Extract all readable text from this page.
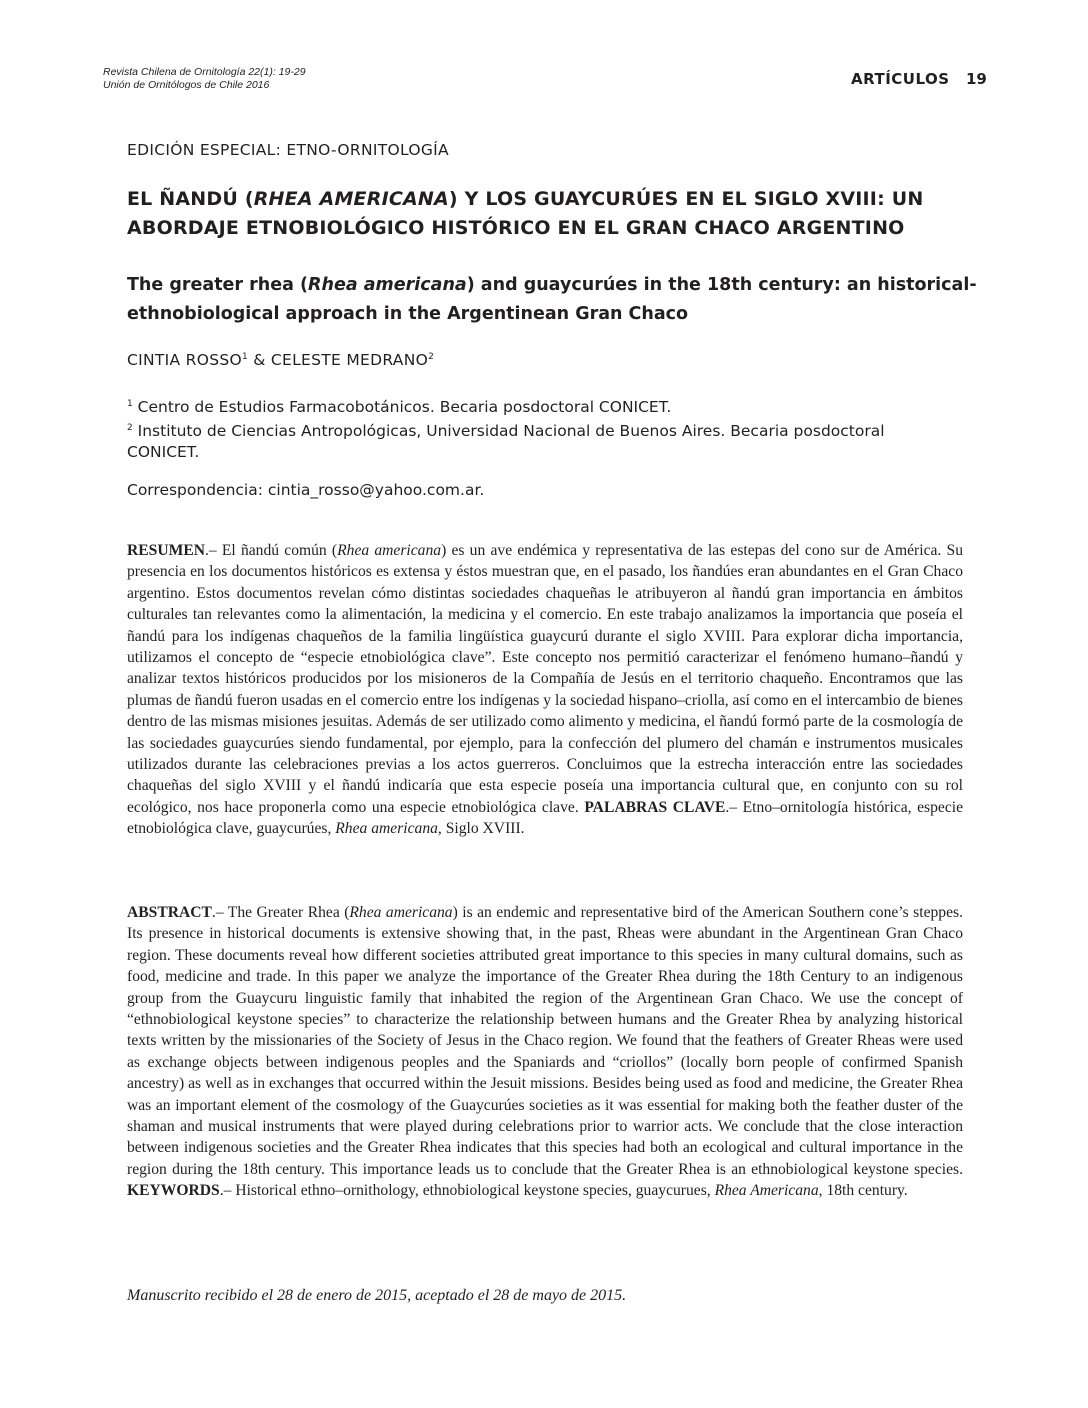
Revista Chilena de Ornitología 22(1): 19-29
Unión de Ornitólogos de Chile 2016	ARTÍCULOS 19
EDICIÓN ESPECIAL: ETNO-ORNITOLOGÍA
EL ÑANDÚ (RHEA AMERICANA) Y LOS GUAYCURÚES EN EL SIGLO XVIII: UN ABORDAJE ETNOBIOLÓGICO HISTÓRICO EN EL GRAN CHACO ARGENTINO
The greater rhea (Rhea americana) and guaycurúes in the 18th century: an historical- ethnobiological approach in the Argentinean Gran Chaco
CINTIA ROSSO$^1$ & CELESTE MEDRANO$^2$
$^1$ Centro de Estudios Farmacobotánicos. Becaria posdoctoral CONICET.
$^2$ Instituto de Ciencias Antropológicas, Universidad Nacional de Buenos Aires. Becaria posdoctoral CONICET.
Correspondencia: cintia_rosso@yahoo.com.ar.

RESUMEN.– El ñandú común (Rhea americana) es un ave endémica y representativa de las estepas del cono sur de América. Su presencia en los documentos históricos es extensa y éstos muestran que, en el pasado, los ñandúes eran abundantes en el Gran Chaco argentino. Estos documentos revelan cómo distintas sociedades chaqueñas le atribuyeron al ñandú gran importancia en ámbitos culturales tan relevantes como la alimentación, la medicina y el comercio. En este trabajo analizamos la importancia que poseía el ñandú para los indígenas chaqueños de la familia lingüística guaycurú durante el siglo XVIII. Para explorar dicha importancia, utilizamos el concepto de “especie etnobiológica clave”. Este concepto nos permitió caracterizar el fenómeno humano–ñandú y analizar textos históricos producidos por los misioneros de la Compañía de Jesús en el territorio chaqueño. Encontramos que las plumas de ñandú fueron usadas en el comercio entre los indígenas y la sociedad hispano–criolla, así como en el intercambio de bienes dentro de las mismas misiones jesuitas. Además de ser utilizado como alimento y medicina, el ñandú formó parte de la cosmología de las sociedades guaycurúes siendo fundamental, por ejemplo, para la confección del plumero del chamán e instrumentos musicales utilizados durante las celebraciones previas a los actos guerreros. Concluimos que la estrecha interacción entre las sociedades chaqueñas del siglo XVIII y el ñandú indicaría que esta especie poseía una importancia cultural que, en conjunto con su rol ecológico, nos hace proponerla como una especie etnobiológica clave. PALABRAS CLAVE.– Etno–ornitología histórica, especie etnobiológica clave, guaycurúes, Rhea americana, Siglo XVIII.

ABSTRACT.– The Greater Rhea (Rhea americana) is an endemic and representative bird of the American Southern cone’s steppes. Its presence in historical documents is extensive showing that, in the past, Rheas were abundant in the Argentinean Gran Chaco region. These documents reveal how different societies attributed great importance to this species in many cultural domains, such as food, medicine and trade. In this paper we analyze the importance of the Greater Rhea during the 18th Century to an indigenous group from the Guaycuru linguistic family that inhabited the region of the Argentinean Gran Chaco. We use the concept of “ethnobiological keystone species” to characterize the relationship between humans and the Greater Rhea by analyzing historical texts written by the missionaries of the Society of Jesus in the Chaco region. We found that the feathers of Greater Rheas were used as exchange objects between indigenous peoples and the Spaniards and “criollos” (locally born people of confirmed Spanish ancestry) as well as in exchanges that occurred within the Jesuit missions. Besides being used as food and medicine, the Greater Rhea was an important element of the cosmology of the Guaycurúes societies as it was essential for making both the feather duster of the shaman and musical instruments that were played during celebrations prior to warrior acts. We conclude that the close interaction between indigenous societies and the Greater Rhea indicates that this species had both an ecological and cultural importance in the region during the 18th century. This importance leads us to conclude that the Greater Rhea is an ethnobiological keystone species. KEYWORDS.– Historical ethno–ornithology, ethnobiological keystone species, guaycurues, Rhea Americana, 18th century.

Manuscrito recibido el 28 de enero de 2015, aceptado el 28 de mayo de 2015.
